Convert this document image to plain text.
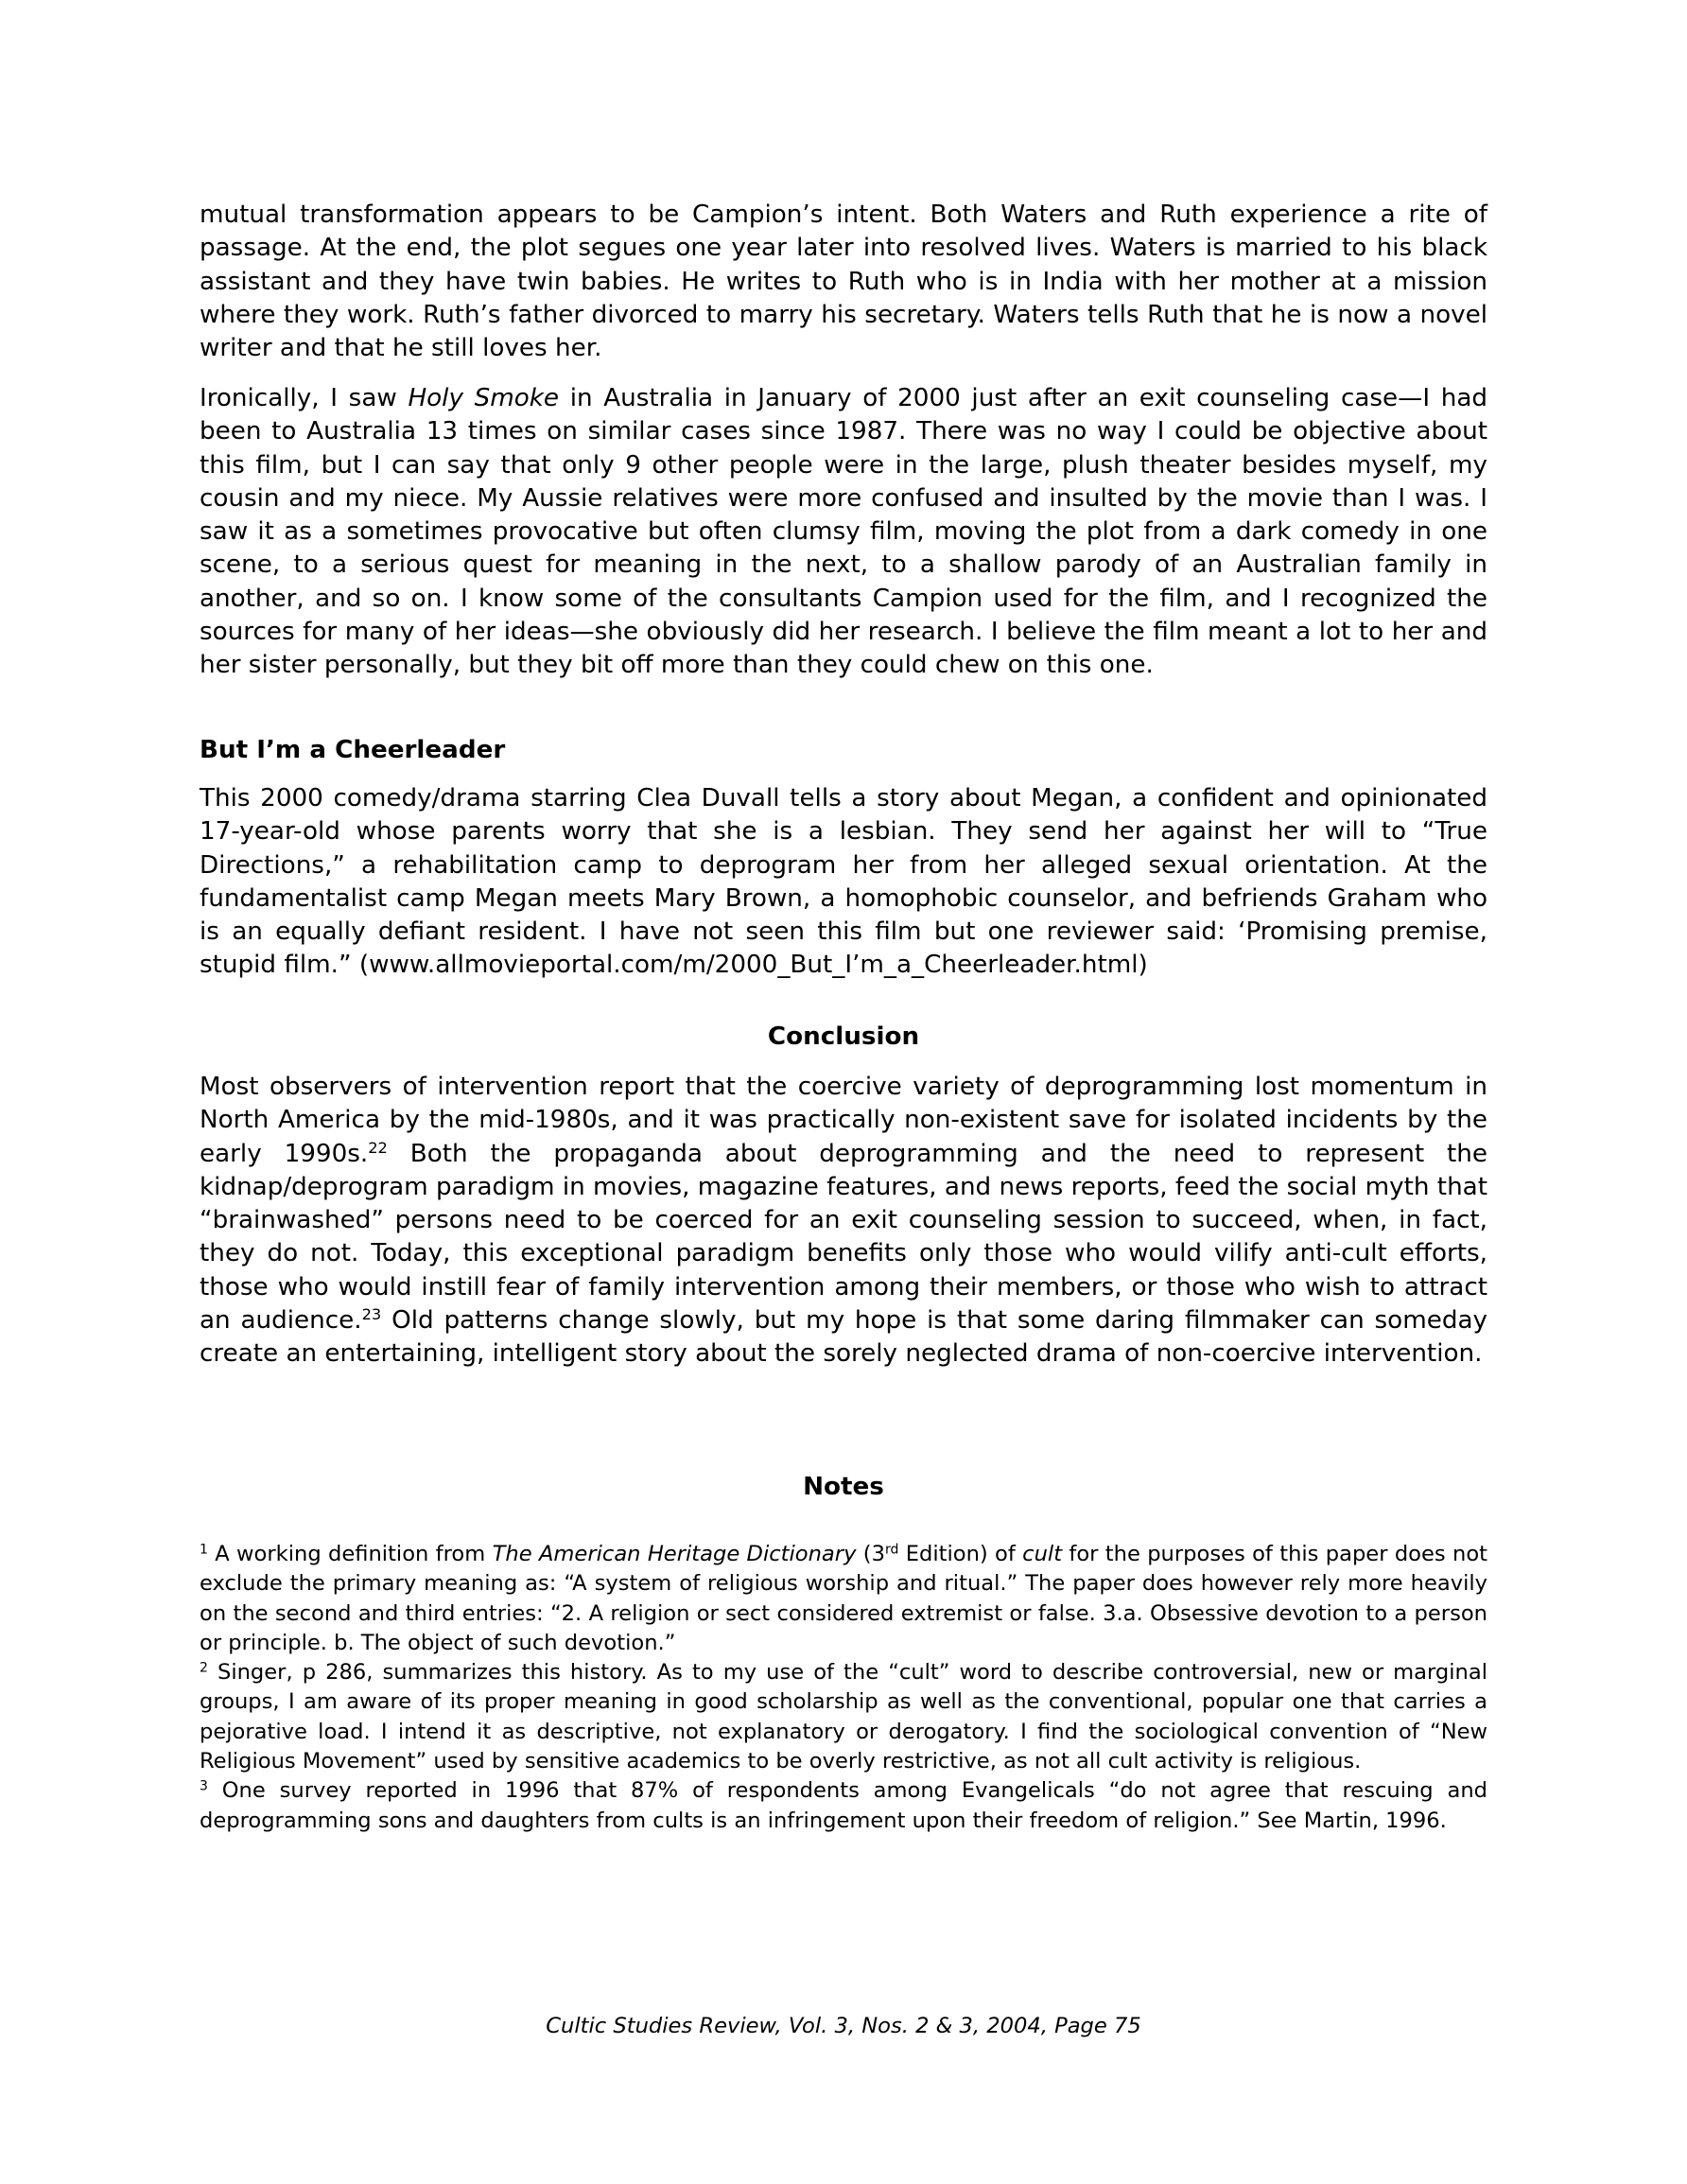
mutual transformation appears to be Campion’s intent. Both Waters and Ruth experience a rite of passage. At the end, the plot segues one year later into resolved lives. Waters is married to his black assistant and they have twin babies. He writes to Ruth who is in India with her mother at a mission where they work. Ruth’s father divorced to marry his secretary. Waters tells Ruth that he is now a novel writer and that he still loves her.

Ironically, I saw Holy Smoke in Australia in January of 2000 just after an exit counseling case—I had been to Australia 13 times on similar cases since 1987. There was no way I could be objective about this film, but I can say that only 9 other people were in the large, plush theater besides myself, my cousin and my niece. My Aussie relatives were more confused and insulted by the movie than I was. I saw it as a sometimes provocative but often clumsy film, moving the plot from a dark comedy in one scene, to a serious quest for meaning in the next, to a shallow parody of an Australian family in another, and so on. I know some of the consultants Campion used for the film, and I recognized the sources for many of her ideas—she obviously did her research. I believe the film meant a lot to her and her sister personally, but they bit off more than they could chew on this one.

But I’m a Cheerleader

This 2000 comedy/drama starring Clea Duvall tells a story about Megan, a confident and opinionated 17-year-old whose parents worry that she is a lesbian. They send her against her will to “True Directions,” a rehabilitation camp to deprogram her from her alleged sexual orientation. At the fundamentalist camp Megan meets Mary Brown, a homophobic counselor, and befriends Graham who is an equally defiant resident. I have not seen this film but one reviewer said: ‘Promising premise, stupid film.” (www.allmovieportal.com/m/2000_But_I’m_a_Cheerleader.html)

Conclusion

Most observers of intervention report that the coercive variety of deprogramming lost momentum in North America by the mid-1980s, and it was practically non-existent save for isolated incidents by the early 1990s.$^{22}$ Both the propaganda about deprogramming and the need to represent the kidnap/deprogram paradigm in movies, magazine features, and news reports, feed the social myth that “brainwashed” persons need to be coerced for an exit counseling session to succeed, when, in fact, they do not. Today, this exceptional paradigm benefits only those who would vilify anti-cult efforts, those who would instill fear of family intervention among their members, or those who wish to attract an audience.$^{23}$ Old patterns change slowly, but my hope is that some daring filmmaker can someday create an entertaining, intelligent story about the sorely neglected drama of non-coercive intervention.

Notes

$^1$ A working definition from The American Heritage Dictionary (3rd Edition) of cult for the purposes of this paper does not exclude the primary meaning as: “A system of religious worship and ritual.” The paper does however rely more heavily on the second and third entries: “2. A religion or sect considered extremist or false. 3.a. Obsessive devotion to a person or principle. b. The object of such devotion.”

$^2$ Singer, p 286, summarizes this history. As to my use of the “cult” word to describe controversial, new or marginal groups, I am aware of its proper meaning in good scholarship as well as the conventional, popular one that carries a pejorative load. I intend it as descriptive, not explanatory or derogatory. I find the sociological convention of “New Religious Movement” used by sensitive academics to be overly restrictive, as not all cult activity is religious.

$^3$ One survey reported in 1996 that 87% of respondents among Evangelicals “do not agree that rescuing and deprogramming sons and daughters from cults is an infringement upon their freedom of religion.” See Martin, 1996.

Cultic Studies Review, Vol. 3, Nos. 2 & 3, 2004, Page 75
